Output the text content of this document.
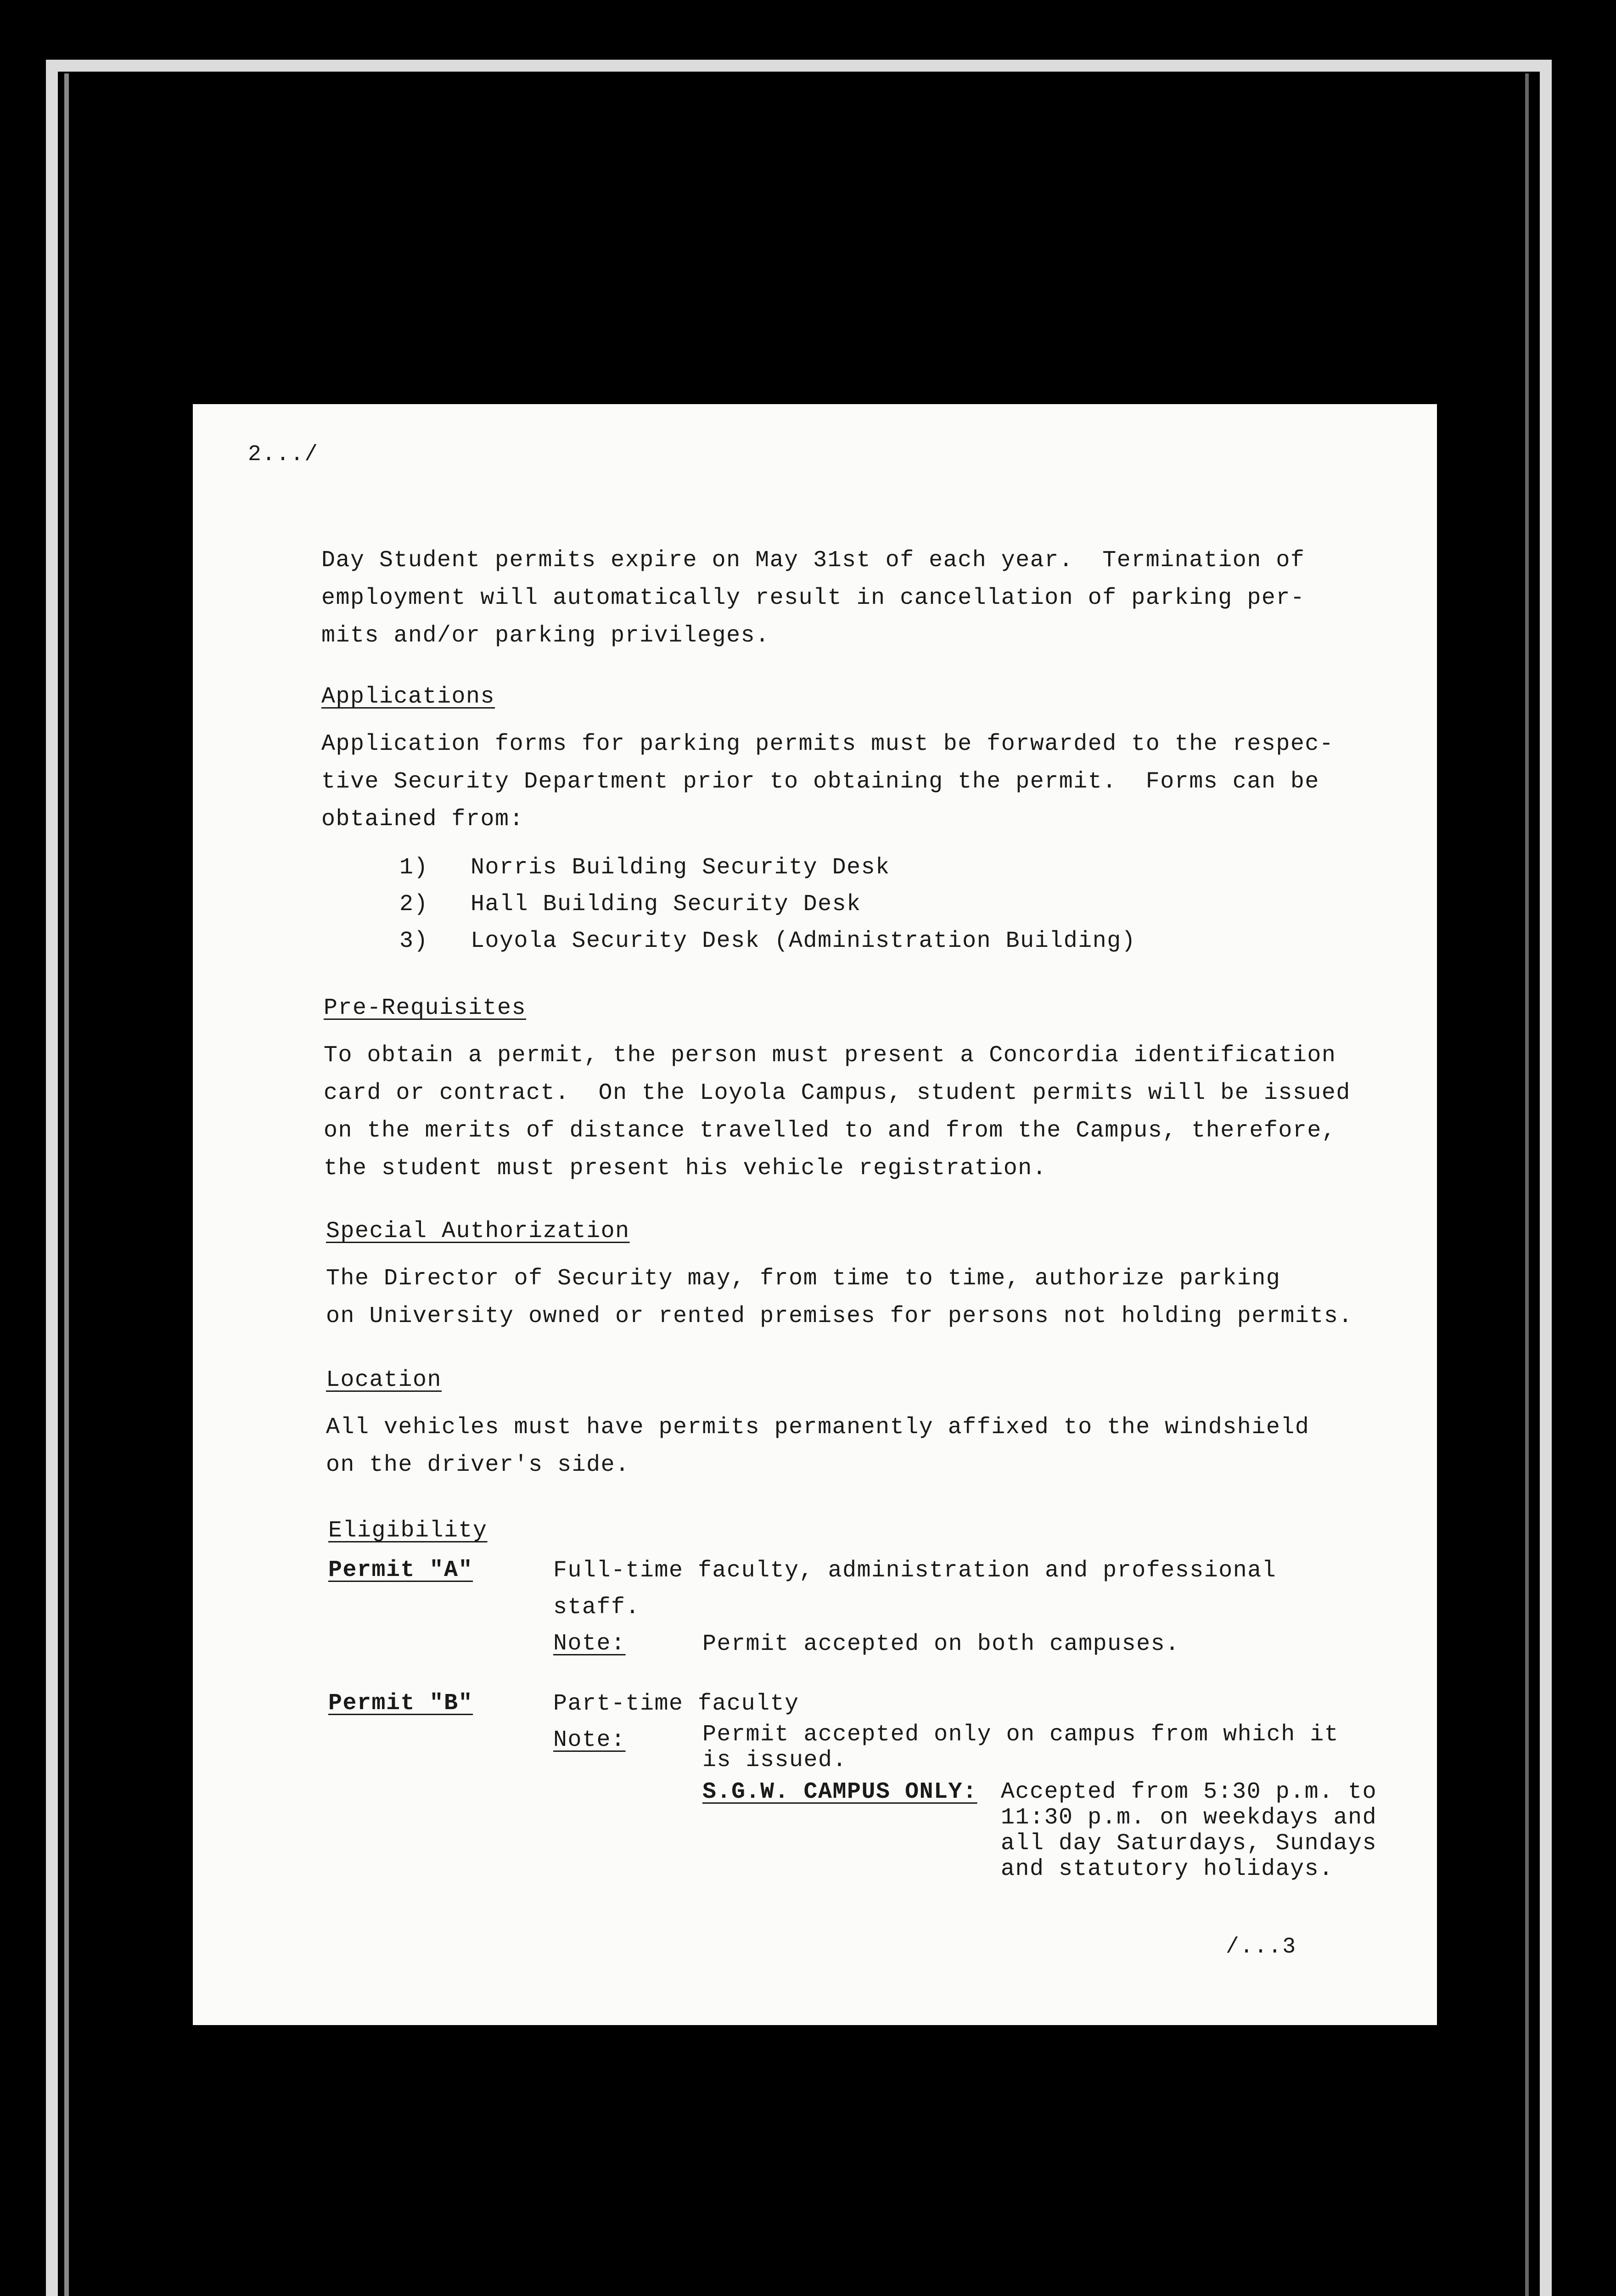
2.../
Day Student permits expire on May 31st of each year.  Termination of
employment will automatically result in cancellation of parking per-
mits and/or parking privileges.
Applications
Application forms for parking permits must be forwarded to the respec-
tive Security Department prior to obtaining the permit.  Forms can be
obtained from:
1) Norris Building Security Desk
2) Hall Building Security Desk
3) Loyola Security Desk (Administration Building)
Pre-Requisites
To obtain a permit, the person must present a Concordia identification
card or contract.  On the Loyola Campus, student permits will be issued
on the merits of distance travelled to and from the Campus, therefore,
the student must present his vehicle registration.
Special Authorization
The Director of Security may, from time to time, authorize parking
on University owned or rented premises for persons not holding permits.
Location
All vehicles must have permits permanently affixed to the windshield
on the driver's side.
Eligibility
Permit "A"	Full-time faculty, administration and professional
staff.
Note:	Permit accepted on both campuses.
Permit "B"	Part-time faculty
Note:	Permit accepted only on campus from which it
is issued.
S.G.W. CAMPUS ONLY: Accepted from 5:30 p.m. to
11:30 p.m. on weekdays and
all day Saturdays, Sundays
and statutory holidays.
/...3
